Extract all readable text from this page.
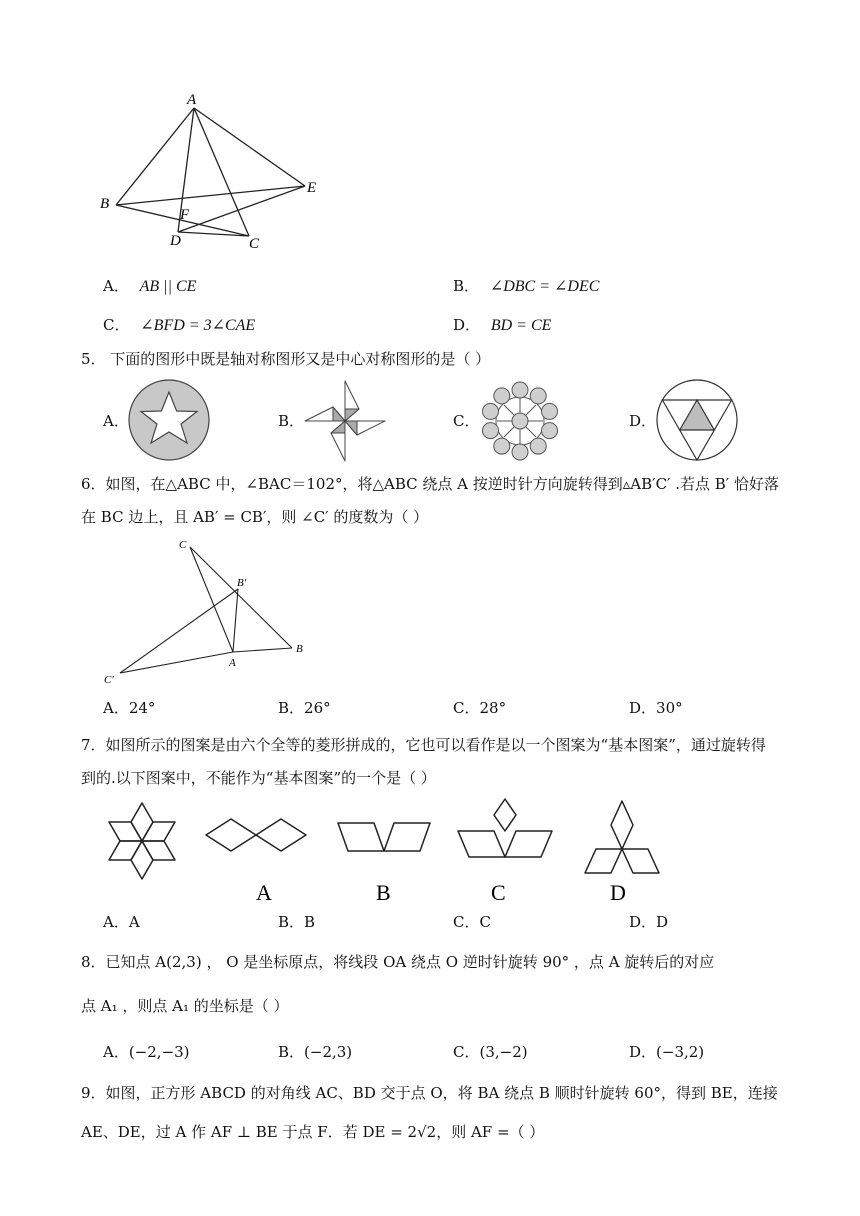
A
B
E
F
D	C
A． AB || CE	B． ∠DBC = ∠DEC
C． ∠BFD = 3∠CAE	D． BD = CE
5． 下面的图形中既是轴对称图形又是中心对称图形的是（ ）
A．	B．	C．	D．
6．如图，在△ABC 中，∠BAC＝102°，将△ABC 绕点 A 按逆时针方向旋转得到▵AB′C′ .若点 B′ 恰好落
在 BC 边上，且 AB′ = CB′，则 ∠C′ 的度数为（ ）
C
B′
B
A
C′
A．24°	B．26°	C．28°	D．30°
7．如图所示的图案是由六个全等的菱形拼成的，它也可以看作是以一个图案为“基本图案”，通过旋转得
到的.以下图案中，不能作为“基本图案”的一个是（ ）
A	B	C	D
A．A	B．B	C．C	D．D
8．已知点 A(2,3) ， O 是坐标原点，将线段 OA 绕点 O 逆时针旋转 90° ，点 A 旋转后的对应
点 A₁ ，则点 A₁ 的坐标是（ ）
A．(−2,−3)	B．(−2,3)	C．(3,−2)	D．(−3,2)
9．如图，正方形 ABCD 的对角线 AC、BD 交于点 O，将 BA 绕点 B 顺时针旋转 60°，得到 BE，连接
AE、DE，过 A 作 AF ⊥ BE 于点 F．若 DE = 2√2，则 AF =（ ）
